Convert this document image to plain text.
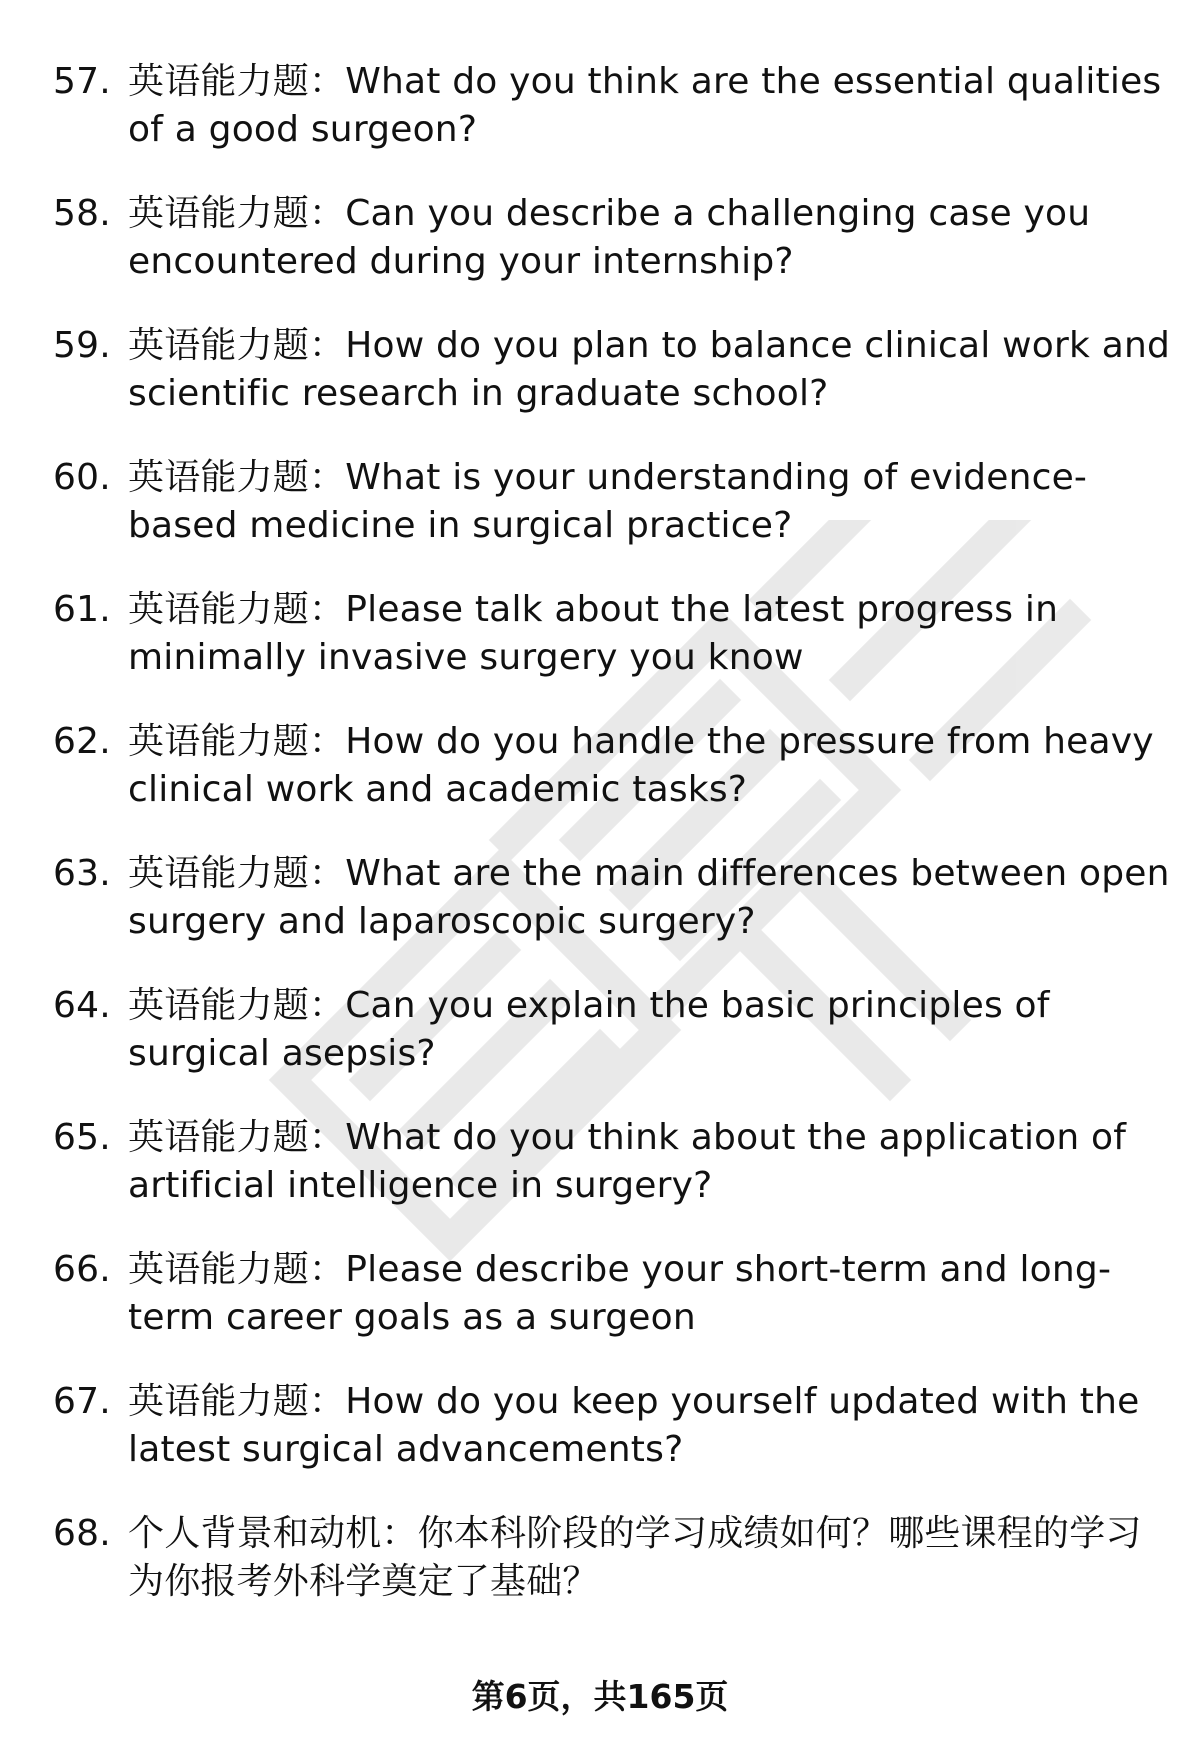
57. 英语能力题：What do you think are the essential qualities of a good surgeon?
58. 英语能力题：Can you describe a challenging case you encountered during your internship?
59. 英语能力题：How do you plan to balance clinical work and scientific research in graduate school?
60. 英语能力题：What is your understanding of evidence-based medicine in surgical practice?
61. 英语能力题：Please talk about the latest progress in minimally invasive surgery you know
62. 英语能力题：How do you handle the pressure from heavy clinical work and academic tasks?
63. 英语能力题：What are the main differences between open surgery and laparoscopic surgery?
64. 英语能力题：Can you explain the basic principles of surgical asepsis?
65. 英语能力题：What do you think about the application of artificial intelligence in surgery?
66. 英语能力题：Please describe your short-term and long-term career goals as a surgeon
67. 英语能力题：How do you keep yourself updated with the latest surgical advancements?
68. 个人背景和动机：你本科阶段的学习成绩如何？哪些课程的学习为你报考外科学奠定了基础？
第6页，共165页
